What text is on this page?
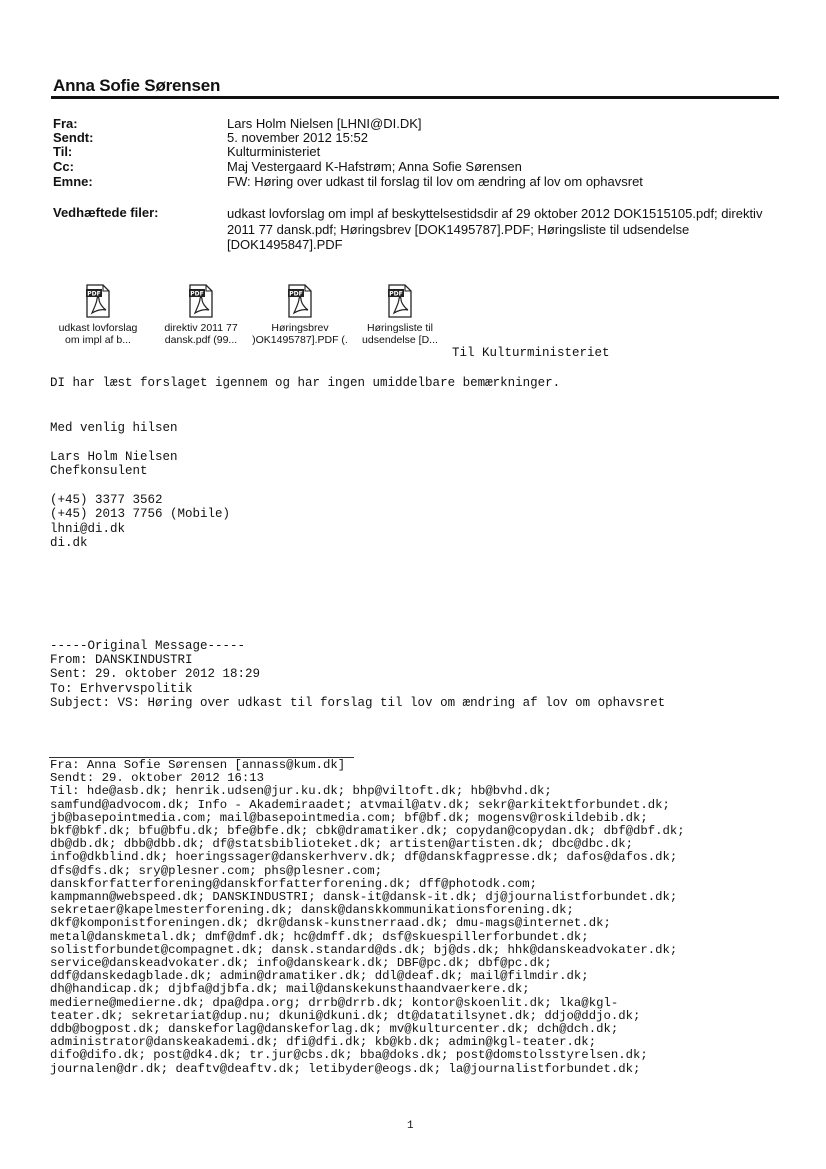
Anna Sofie Sørensen
Fra:	Lars Holm Nielsen [LHNI@DI.DK]
Sendt:	5. november 2012 15:52
Til:	Kulturministeriet
Cc:	Maj Vestergaard K-Hafstrøm; Anna Sofie Sørensen
Emne:	FW: Høring over udkast til forslag til lov om ændring af lov om ophavsret
Vedhæftede filer:	udkast lovforslag om impl af beskyttelsestidsdir af 29 oktober 2012 DOK1515105.pdf; direktiv 2011 77 dansk.pdf; Høringsbrev [DOK1495787].PDF; Høringsliste til udsendelse [DOK1495847].PDF
PDF
udkast lovforslag
om impl af b...
PDF
direktiv 2011 77
dansk.pdf (99...
PDF
Høringsbrev
)OK1495787].PDF (.
PDF
Høringsliste til
udsendelse [D...
Til Kulturministeriet
DI har læst forslaget igennem og har ingen umiddelbare bemærkninger.
Med venlig hilsen
Lars Holm Nielsen
Chefkonsulent
(+45) 3377 3562
(+45) 2013 7756 (Mobile)
lhni@di.dk
di.dk
-----Original Message-----
From: DANSKINDUSTRI
Sent: 29. oktober 2012 18:29
To: Erhvervspolitik
Subject: VS: Høring over udkast til forslag til lov om ændring af lov om ophavsret
Fra: Anna Sofie Sørensen [annass@kum.dk]
Sendt: 29. oktober 2012 16:13
Til: hde@asb.dk; henrik.udsen@jur.ku.dk; bhp@viltoft.dk; hb@bvhd.dk;
samfund@advocom.dk; Info - Akademiraadet; atvmail@atv.dk; sekr@arkitektforbundet.dk;
jb@basepointmedia.com; mail@basepointmedia.com; bf@bf.dk; mogensv@roskildebib.dk;
bkf@bkf.dk; bfu@bfu.dk; bfe@bfe.dk; cbk@dramatiker.dk; copydan@copydan.dk; dbf@dbf.dk;
db@db.dk; dbb@dbb.dk; df@statsbiblioteket.dk; artisten@artisten.dk; dbc@dbc.dk;
info@dkblind.dk; hoeringssager@danskerhverv.dk; df@danskfagpresse.dk; dafos@dafos.dk;
dfs@dfs.dk; sry@plesner.com; phs@plesner.com;
danskforfatterforening@danskforfatterforening.dk; dff@photodk.com;
kampmann@webspeed.dk; DANSKINDUSTRI; dansk-it@dansk-it.dk; dj@journalistforbundet.dk;
sekretaer@kapelmesterforening.dk; dansk@danskkommunikationsforening.dk;
dkf@komponistforeningen.dk; dkr@dansk-kunstnerraad.dk; dmu-mags@internet.dk;
metal@danskmetal.dk; dmf@dmf.dk; hc@dmff.dk; dsf@skuespillerforbundet.dk;
solistforbundet@compagnet.dk; dansk.standard@ds.dk; bj@ds.dk; hhk@danskeadvokater.dk;
service@danskeadvokater.dk; info@danskeark.dk; DBF@pc.dk; dbf@pc.dk;
ddf@danskedagblade.dk; admin@dramatiker.dk; ddl@deaf.dk; mail@filmdir.dk;
dh@handicap.dk; djbfa@djbfa.dk; mail@danskekunsthaandvaerkere.dk;
medierne@medierne.dk; dpa@dpa.org; drrb@drrb.dk; kontor@skoenlit.dk; lka@kgl-
teater.dk; sekretariat@dup.nu; dkuni@dkuni.dk; dt@datatilsynet.dk; ddjo@ddjo.dk;
ddb@bogpost.dk; danskeforlag@danskeforlag.dk; mv@kulturcenter.dk; dch@dch.dk;
administrator@danskeakademi.dk; dfi@dfi.dk; kb@kb.dk; admin@kgl-teater.dk;
difo@difo.dk; post@dk4.dk; tr.jur@cbs.dk; bba@doks.dk; post@domstolsstyrelsen.dk;
journalen@dr.dk; deaftv@deaftv.dk; letibyder@eogs.dk; la@journalistforbundet.dk;
1
